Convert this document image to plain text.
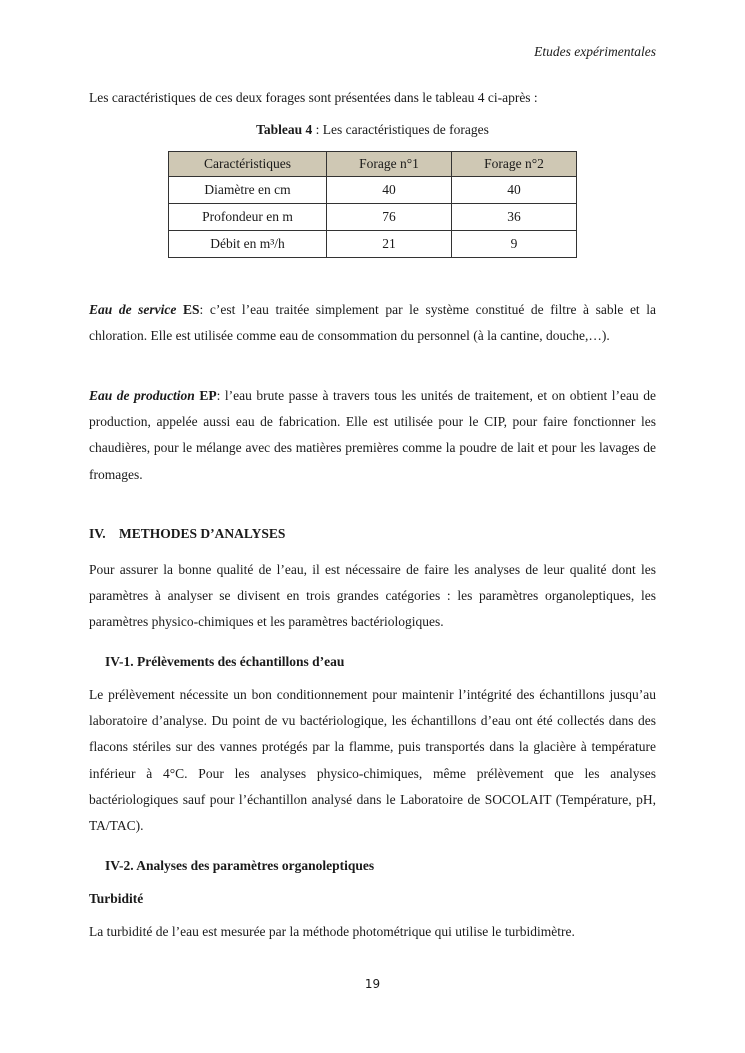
Etudes expérimentales
Les caractéristiques de ces deux forages sont présentées dans le tableau 4 ci-après :
Tableau 4 : Les caractéristiques de forages
Caractéristiques	Forage n°1	Forage n°2
Diamètre en cm	40	40
Profondeur en m	76	36
Débit en m³/h	21	9
Eau de service ES: c’est l’eau traitée simplement par le système constitué de filtre à sable et la chloration. Elle est utilisée comme eau de consommation du personnel (à la cantine, douche,…).
Eau de production EP: l’eau brute passe à travers tous les unités de traitement, et on obtient l’eau de production, appelée aussi eau de fabrication. Elle est utilisée pour le CIP, pour faire fonctionner les chaudières, pour le mélange avec des matières premières comme la poudre de lait et pour les lavages de fromages.
IV. METHODES D’ANALYSES
Pour assurer la bonne qualité de l’eau, il est nécessaire de faire les analyses de leur qualité dont les paramètres à analyser se divisent en trois grandes catégories : les paramètres organoleptiques, les paramètres physico-chimiques et les paramètres bactériologiques.
IV-1. Prélèvements des échantillons d’eau
Le prélèvement nécessite un bon conditionnement pour maintenir l’intégrité des échantillons jusqu’au laboratoire d’analyse. Du point de vu bactériologique, les échantillons d’eau ont été collectés dans des flacons stériles sur des vannes protégés par la flamme, puis transportés dans la glacière à température inférieur à 4°C. Pour les analyses physico-chimiques, même prélèvement que les analyses bactériologiques sauf pour l’échantillon analysé dans le Laboratoire de SOCOLAIT (Température, pH, TA/TAC).
IV-2. Analyses des paramètres organoleptiques
Turbidité
La turbidité de l’eau est mesurée par la méthode photométrique qui utilise le turbidimètre.
19
